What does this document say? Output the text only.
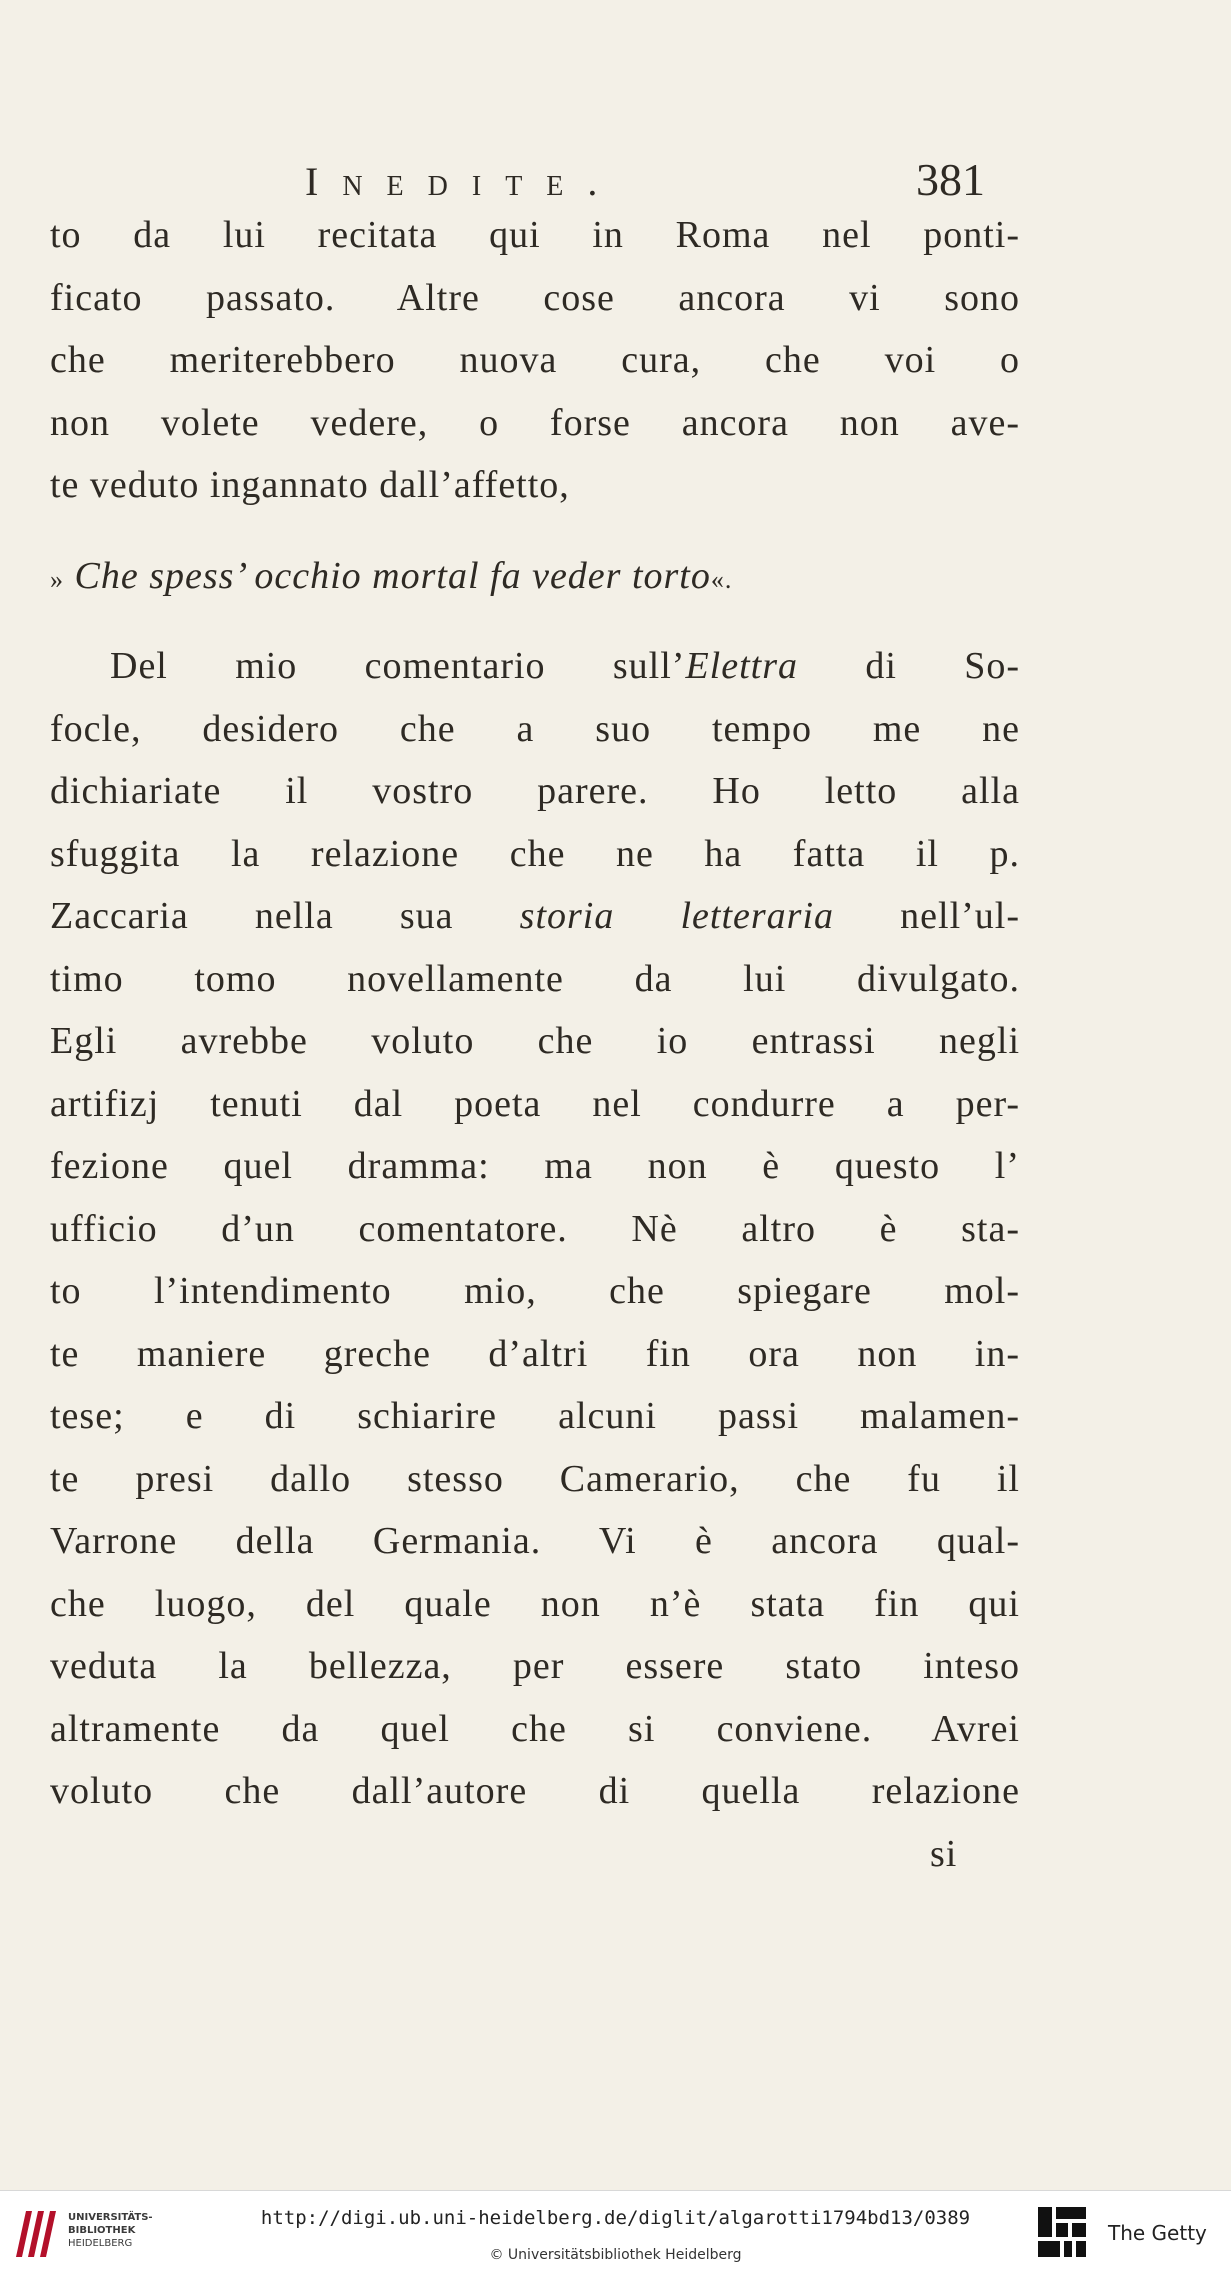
Inedite.	381
to da lui recitata qui in Roma nel ponti-
ficato passato. Altre cose ancora vi sono
che meriterebbero nuova cura, che voi o
non volete vedere, o forse ancora non ave-
te veduto ingannato dall’affetto,
» Che spess’ occhio mortal fa veder torto«.
Del mio comentario sull’Elettra di So-
focle, desidero che a suo tempo me ne
dichiariate il vostro parere. Ho letto alla
sfuggita la relazione che ne ha fatta il p.
Zaccaria nella sua storia letteraria nell’ul-
timo tomo novellamente da lui divulgato.
Egli avrebbe voluto che io entrassi negli
artifizj tenuti dal poeta nel condurre a per-
fezione quel dramma: ma non è questo l’
ufficio d’un comentatore. Nè altro è sta-
to l’intendimento mio, che spiegare mol-
te maniere greche d’altri fin ora non in-
tese; e di schiarire alcuni passi malamen-
te presi dallo stesso Camerario, che fu il
Varrone della Germania. Vi è ancora qual-
che luogo, del quale non n’è stata fin qui
veduta la bellezza, per essere stato inteso
altramente da quel che si conviene. Avrei
voluto che dall’autore di quella relazione
si
UNIVERSITÄTS-
BIBLIOTHEK
HEIDELBERG
http://digi.ub.uni-heidelberg.de/diglit/algarotti1794bd13/0389
© Universitätsbibliothek Heidelberg
The Getty
